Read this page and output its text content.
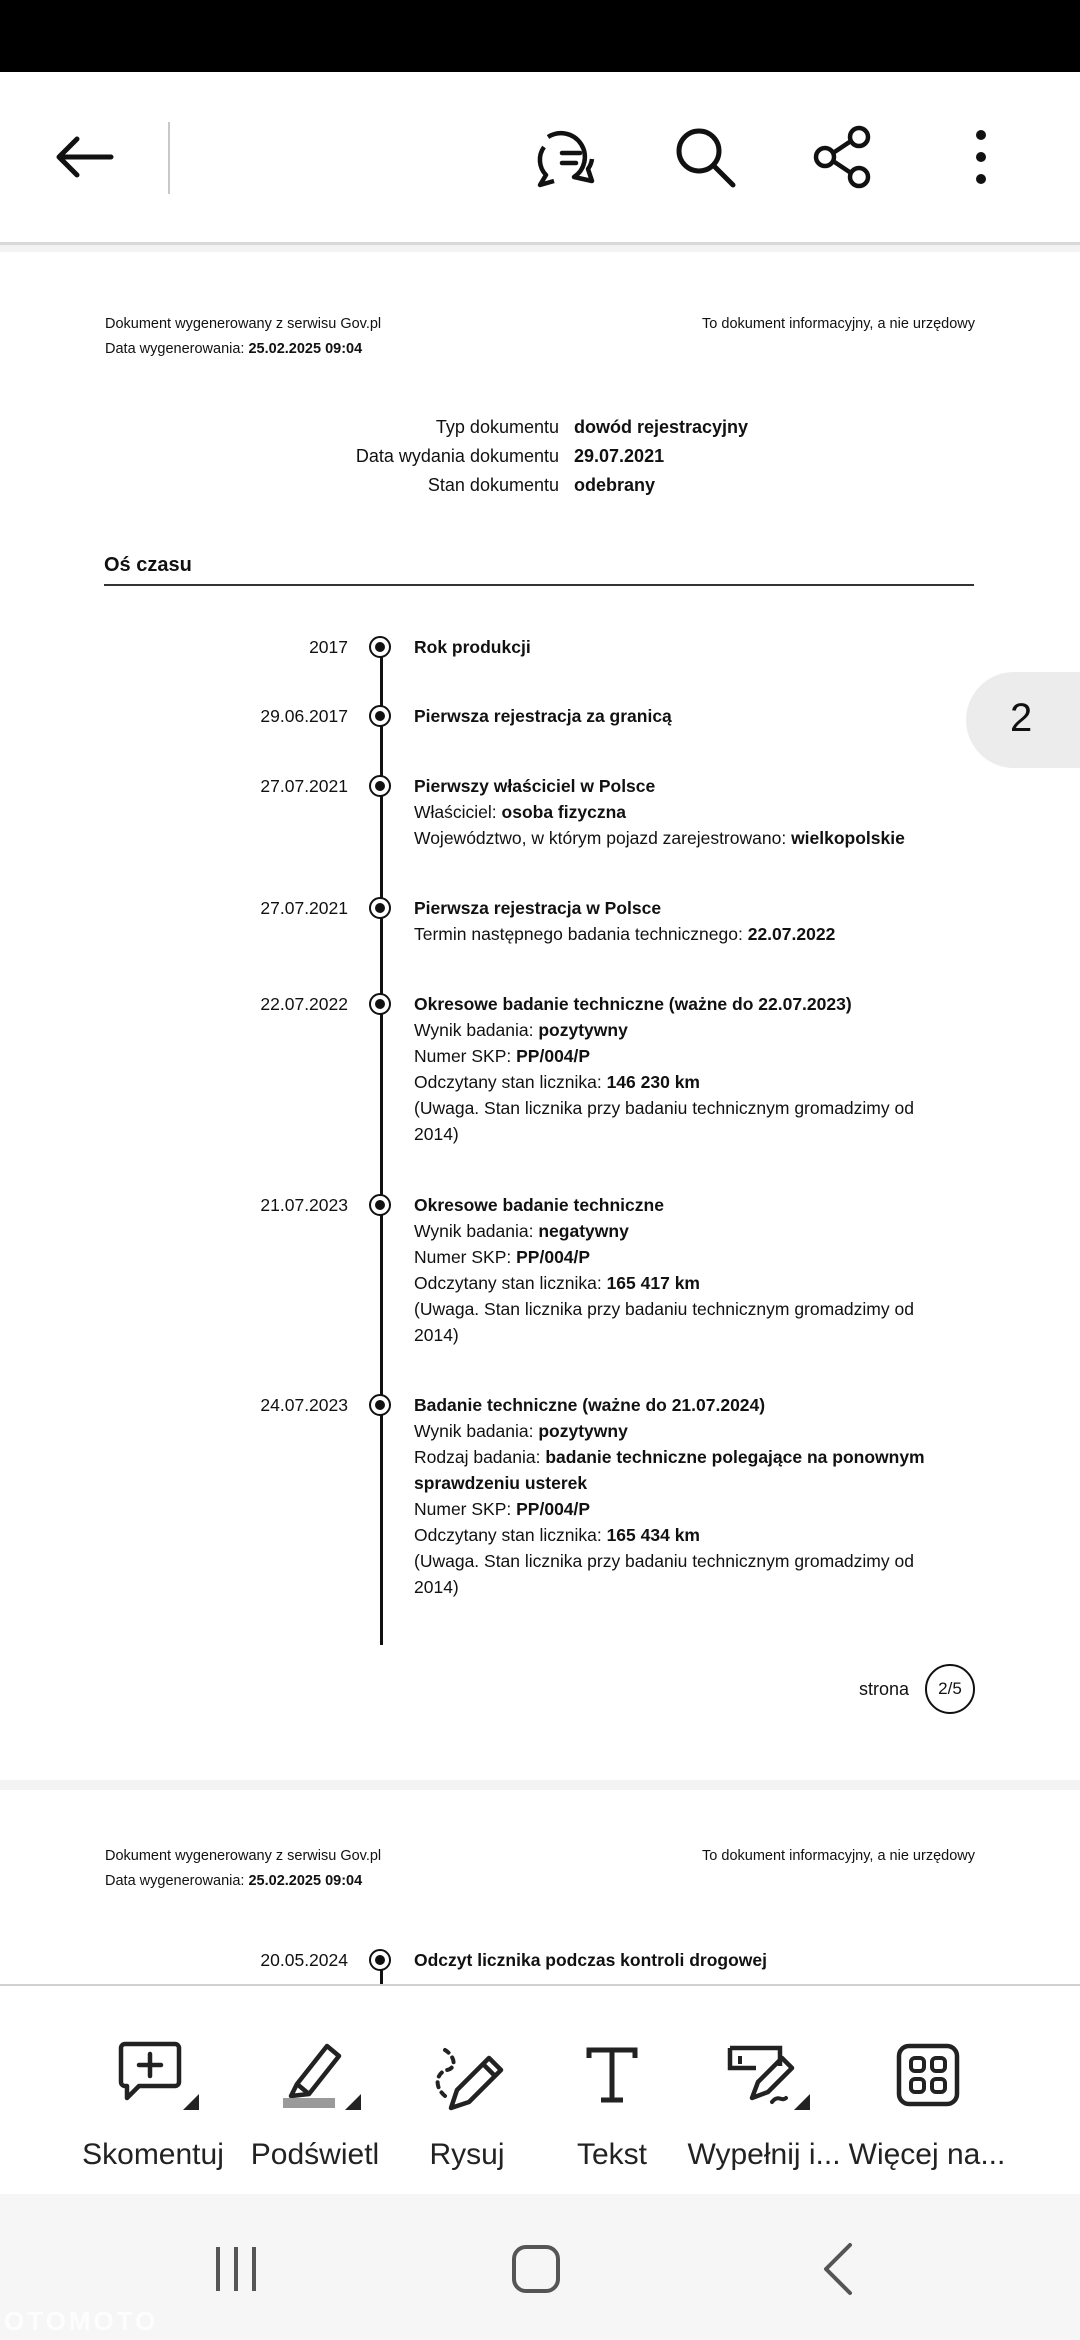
Dokument wygenerowany z serwisu Gov.pl
Data wygenerowania: 25.02.2025 09:04
To dokument informacyjny, a nie urzędowy
Typ dokumentu dowód rejestracyjny
Data wydania dokumentu 29.07.2021
Stan dokumentu odebrany
Oś czasu
2017	Rok produkcji
29.06.2017	Pierwsza rejestracja za granicą
27.07.2021	Pierwszy właściciel w Polsce
Właściciel: osoba fizyczna
Województwo, w którym pojazd zarejestrowano: wielkopolskie
27.07.2021	Pierwsza rejestracja w Polsce
Termin następnego badania technicznego: 22.07.2022
22.07.2022	Okresowe badanie techniczne (ważne do 22.07.2023)
Wynik badania: pozytywny
Numer SKP: PP/004/P
Odczytany stan licznika: 146 230 km
(Uwaga. Stan licznika przy badaniu technicznym gromadzimy od 2014)
21.07.2023	Okresowe badanie techniczne
Wynik badania: negatywny
Numer SKP: PP/004/P
Odczytany stan licznika: 165 417 km
(Uwaga. Stan licznika przy badaniu technicznym gromadzimy od 2014)
24.07.2023	Badanie techniczne (ważne do 21.07.2024)
Wynik badania: pozytywny
Rodzaj badania: badanie techniczne polegające na ponownym sprawdzeniu usterek
Numer SKP: PP/004/P
Odczytany stan licznika: 165 434 km
(Uwaga. Stan licznika przy badaniu technicznym gromadzimy od 2014)
strona	2/5
Dokument wygenerowany z serwisu Gov.pl
Data wygenerowania: 25.02.2025 09:04
To dokument informacyjny, a nie urzędowy
20.05.2024	Odczyt licznika podczas kontroli drogowej
2
Skomentuj Podświetl	Rysuj	Tekst	Wypełnij i... Więcej na...
OTOMOTO
